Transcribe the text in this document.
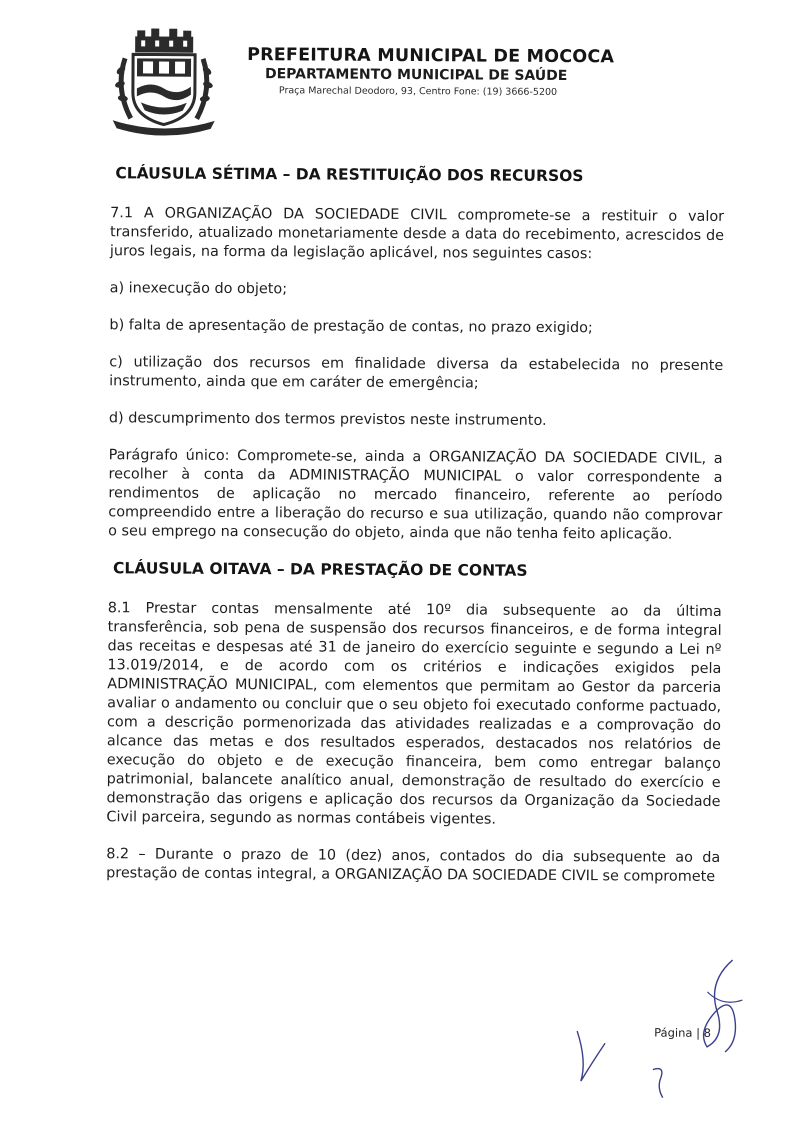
PREFEITURA MUNICIPAL DE MOCOCA
DEPARTAMENTO MUNICIPAL DE SAÚDE
Praça Marechal Deodoro, 93, Centro Fone: (19) 3666-5200
CLÁUSULA SÉTIMA – DA RESTITUIÇÃO DOS RECURSOS

7.1 A ORGANIZAÇÃO DA SOCIEDADE CIVIL compromete-se a restituir o valor transferido, atualizado monetariamente desde a data do recebimento, acrescidos de juros legais, na forma da legislação aplicável, nos seguintes casos:

a) inexecução do objeto;

b) falta de apresentação de prestação de contas, no prazo exigido;

c) utilização dos recursos em finalidade diversa da estabelecida no presente instrumento, ainda que em caráter de emergência;

d) descumprimento dos termos previstos neste instrumento.

Parágrafo único: Compromete-se, ainda a ORGANIZAÇÃO DA SOCIEDADE CIVIL, a recolher à conta da ADMINISTRAÇÃO MUNICIPAL o valor correspondente a rendimentos de aplicação no mercado financeiro, referente ao período compreendido entre a liberação do recurso e sua utilização, quando não comprovar o seu emprego na consecução do objeto, ainda que não tenha feito aplicação.

CLÁUSULA OITAVA – DA PRESTAÇÃO DE CONTAS

8.1 Prestar contas mensalmente até 10º dia subsequente ao da última transferência, sob pena de suspensão dos recursos financeiros, e de forma integral das receitas e despesas até 31 de janeiro do exercício seguinte e segundo a Lei nº 13.019/2014, e de acordo com os critérios e indicações exigidos pela ADMINISTRAÇÃO MUNICIPAL, com elementos que permitam ao Gestor da parceria avaliar o andamento ou concluir que o seu objeto foi executado conforme pactuado, com a descrição pormenorizada das atividades realizadas e a comprovação do alcance das metas e dos resultados esperados, destacados nos relatórios de execução do objeto e de execução financeira, bem como entregar balanço patrimonial, balancete analítico anual, demonstração de resultado do exercício e demonstração das origens e aplicação dos recursos da Organização da Sociedade Civil parceira, segundo as normas contábeis vigentes.

8.2 – Durante o prazo de 10 (dez) anos, contados do dia subsequente ao da prestação de contas integral, a ORGANIZAÇÃO DA SOCIEDADE CIVIL se compromete

Página | 8
